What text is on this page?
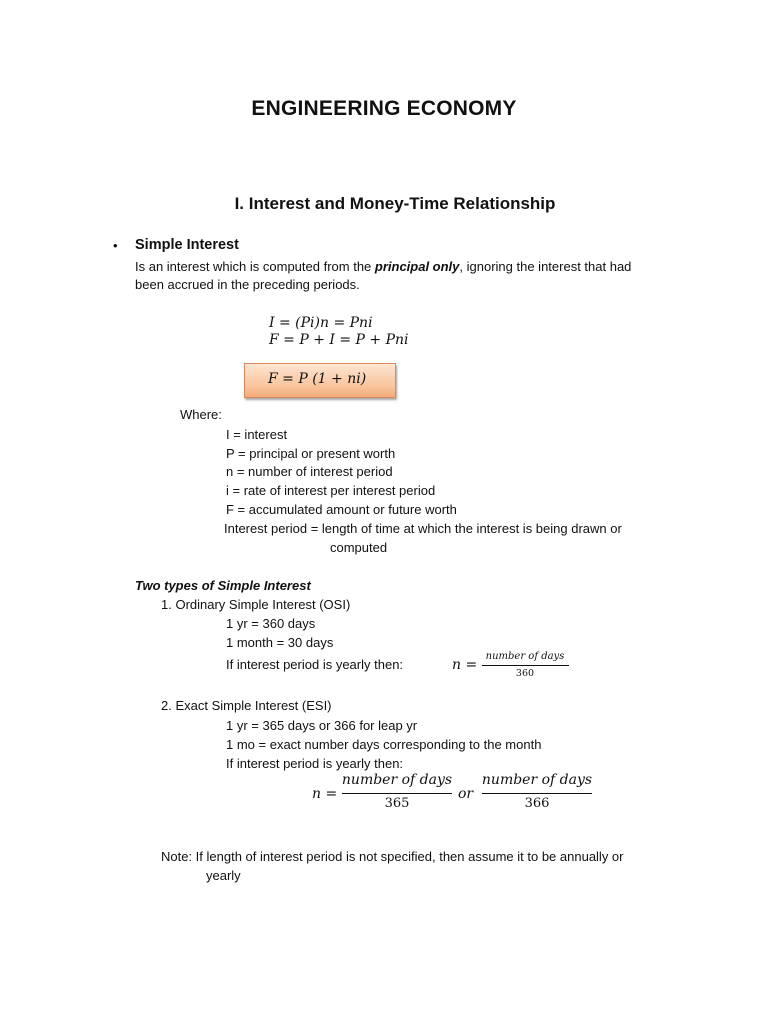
ENGINEERING ECONOMY
I. Interest and Money-Time Relationship
• Simple Interest
Is an interest which is computed from the principal only, ignoring the interest that had
been accrued in the preceding periods.
I = (Pi)n = Pni
F = P + I = P + Pni
F = P (1 + ni)
Where:
I = interest
P = principal or present worth
n = number of interest period
i = rate of interest per interest period
F = accumulated amount or future worth
Interest period = length of time at which the interest is being drawn or
computed
Two types of Simple Interest
1. Ordinary Simple Interest (OSI)
1 yr = 360 days
1 month = 30 days
If interest period is yearly then:	n =
number of days
360
2. Exact Simple Interest (ESI)
1 yr = 365 days or 366 for leap yr
1 mo = exact number days corresponding to the month
If interest period is yearly then:
n =
number of days
365
or
number of days
366
Note: If length of interest period is not specified, then assume it to be annually or
yearly
